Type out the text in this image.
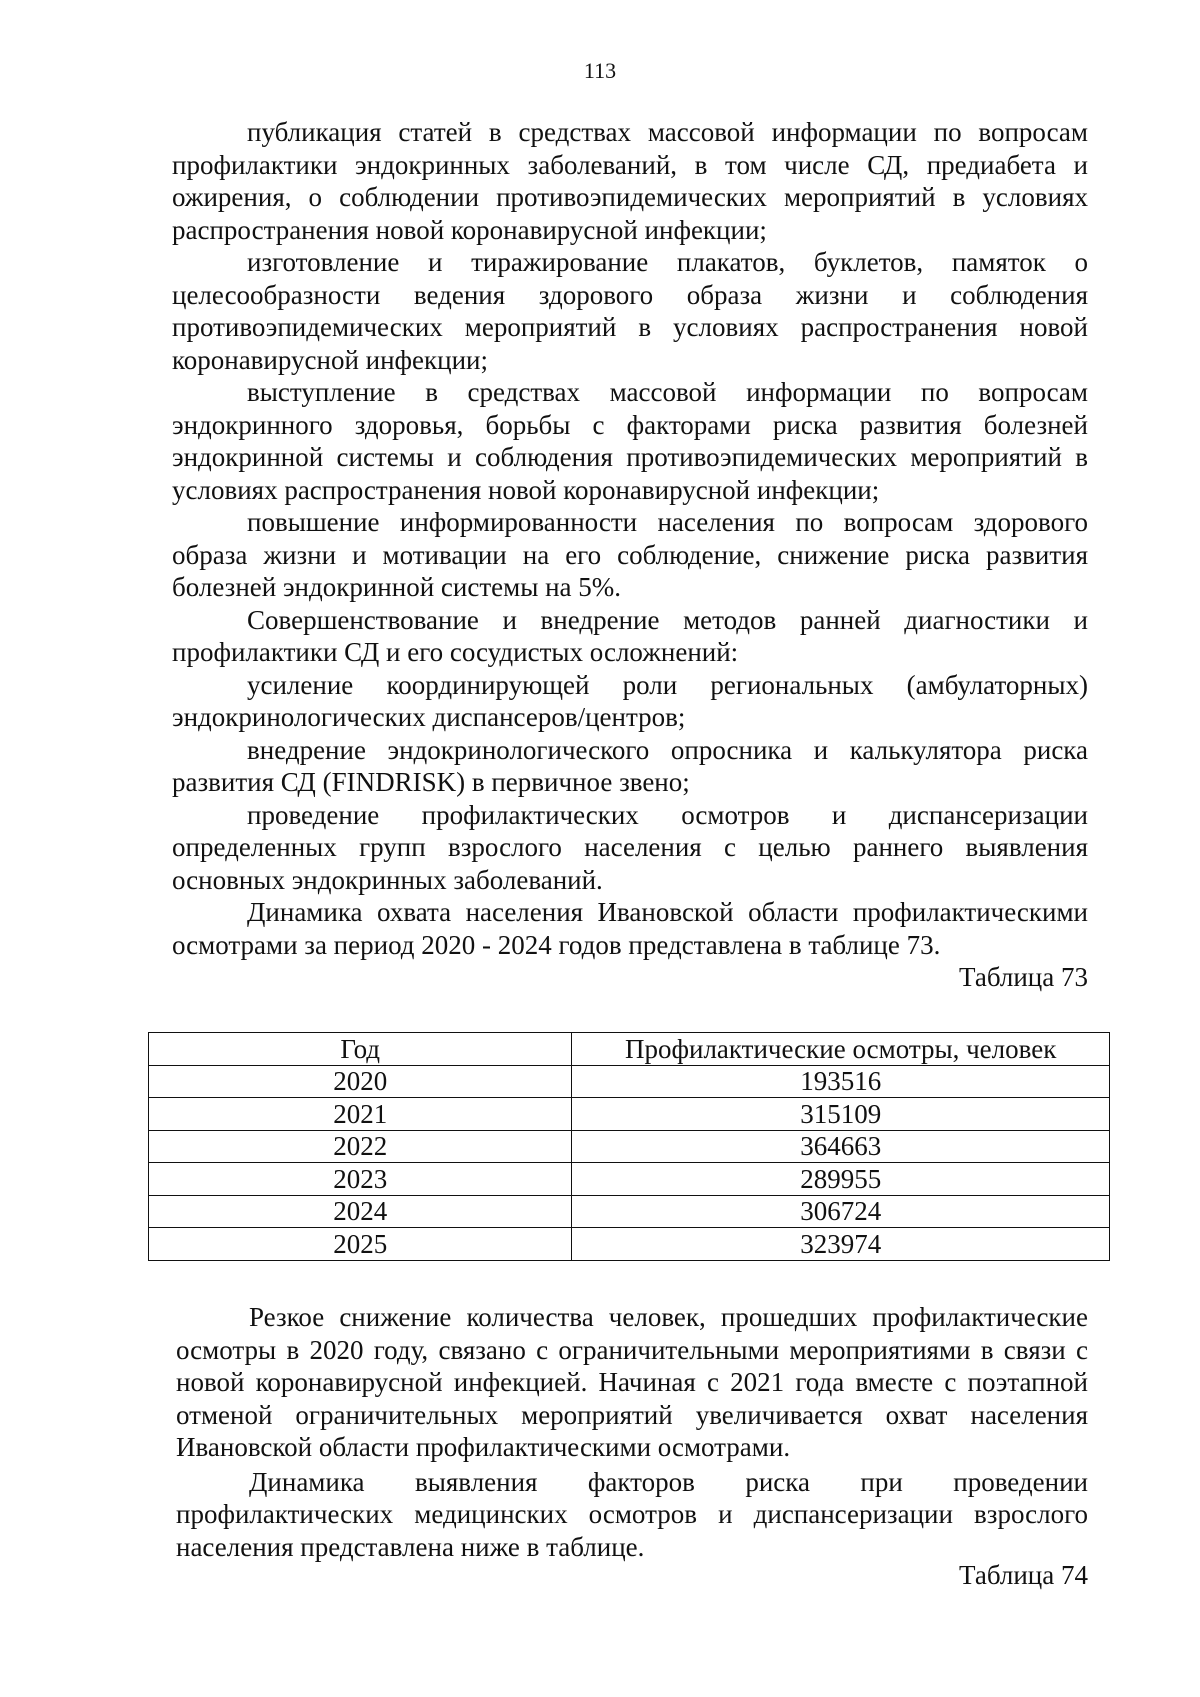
113

публикация статей в средствах массовой информации по вопросам профилактики эндокринных заболеваний, в том числе СД, предиабета и ожирения, о соблюдении противоэпидемических мероприятий в условиях распространения новой коронавирусной инфекции;

изготовление и тиражирование плакатов, буклетов, памяток о целесообразности ведения здорового образа жизни и соблюдения противоэпидемических мероприятий в условиях распространения новой коронавирусной инфекции;

выступление в средствах массовой информации по вопросам эндокринного здоровья, борьбы с факторами риска развития болезней эндокринной системы и соблюдения противоэпидемических мероприятий в условиях распространения новой коронавирусной инфекции;

повышение информированности населения по вопросам здорового образа жизни и мотивации на его соблюдение, снижение риска развития болезней эндокринной системы на 5%.

Совершенствование и внедрение методов ранней диагностики и профилактики СД и его сосудистых осложнений:

усиление координирующей роли региональных (амбулаторных) эндокринологических диспансеров/центров;

внедрение эндокринологического опросника и калькулятора риска развития СД (FINDRISK) в первичное звено;

проведение профилактических осмотров и диспансеризации определенных групп взрослого населения с целью раннего выявления основных эндокринных заболеваний.

Динамика охвата населения Ивановской области профилактическими осмотрами за период 2020 - 2024 годов представлена в таблице 73.

Таблица 73
Год	Профилактические осмотры, человек
2020	193516
2021	315109
2022	364663
2023	289955
2024	306724
2025	323974

Резкое снижение количества человек, прошедших профилактические осмотры в 2020 году, связано с ограничительными мероприятиями в связи с новой коронавирусной инфекцией. Начиная с 2021 года вместе с поэтапной отменой ограничительных мероприятий увеличивается охват населения Ивановской области профилактическими осмотрами.

Динамика выявления факторов риска при проведении профилактических медицинских осмотров и диспансеризации взрослого населения представлена ниже в таблице.

Таблица 74
